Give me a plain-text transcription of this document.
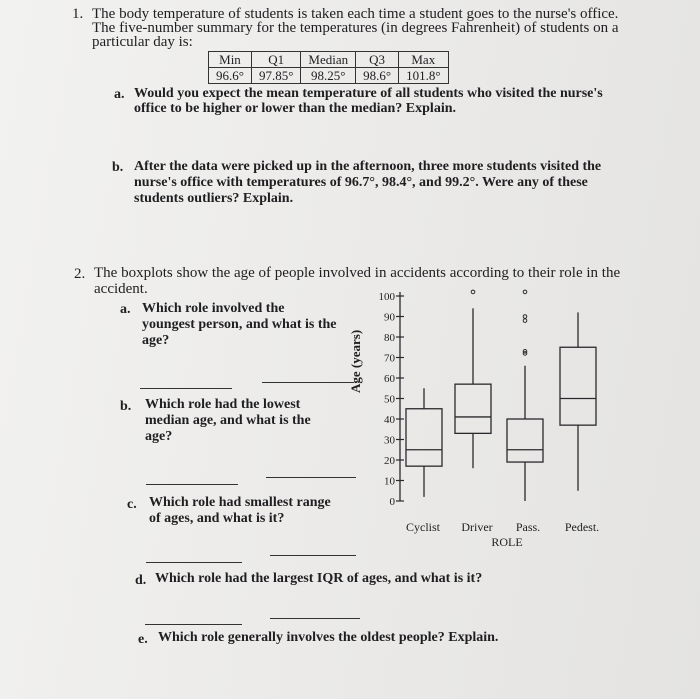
1. The body temperature of students is taken each time a student goes to the nurse's office.
The five-number summary for the temperatures (in degrees Fahrenheit) of students on a
particular day is:
Min	Q1	Median	Q3	Max
96.6°	97.85°	98.25°	98.6°	101.8°
a. Would you expect the mean temperature of all students who visited the nurse's
office to be higher or lower than the median? Explain.
b. After the data were picked up in the afternoon, three more students visited the
nurse's office with temperatures of 96.7°, 98.4°, and 99.2°. Were any of these
students outliers? Explain.
2. The boxplots show the age of people involved in accidents according to their role in the
accident.
a. Which role involved the
youngest person, and what is the
age?
b. Which role had the lowest
median age, and what is the
age?
c. Which role had smallest range
of ages, and what is it?
d. Which role had the largest IQR of ages, and what is it?
e. Which role generally involves the oldest people? Explain.
Age (years)
0
10
20
30
40
50
60
70
80
90
100
Cyclist Driver Pass. Pedest.
ROLE
